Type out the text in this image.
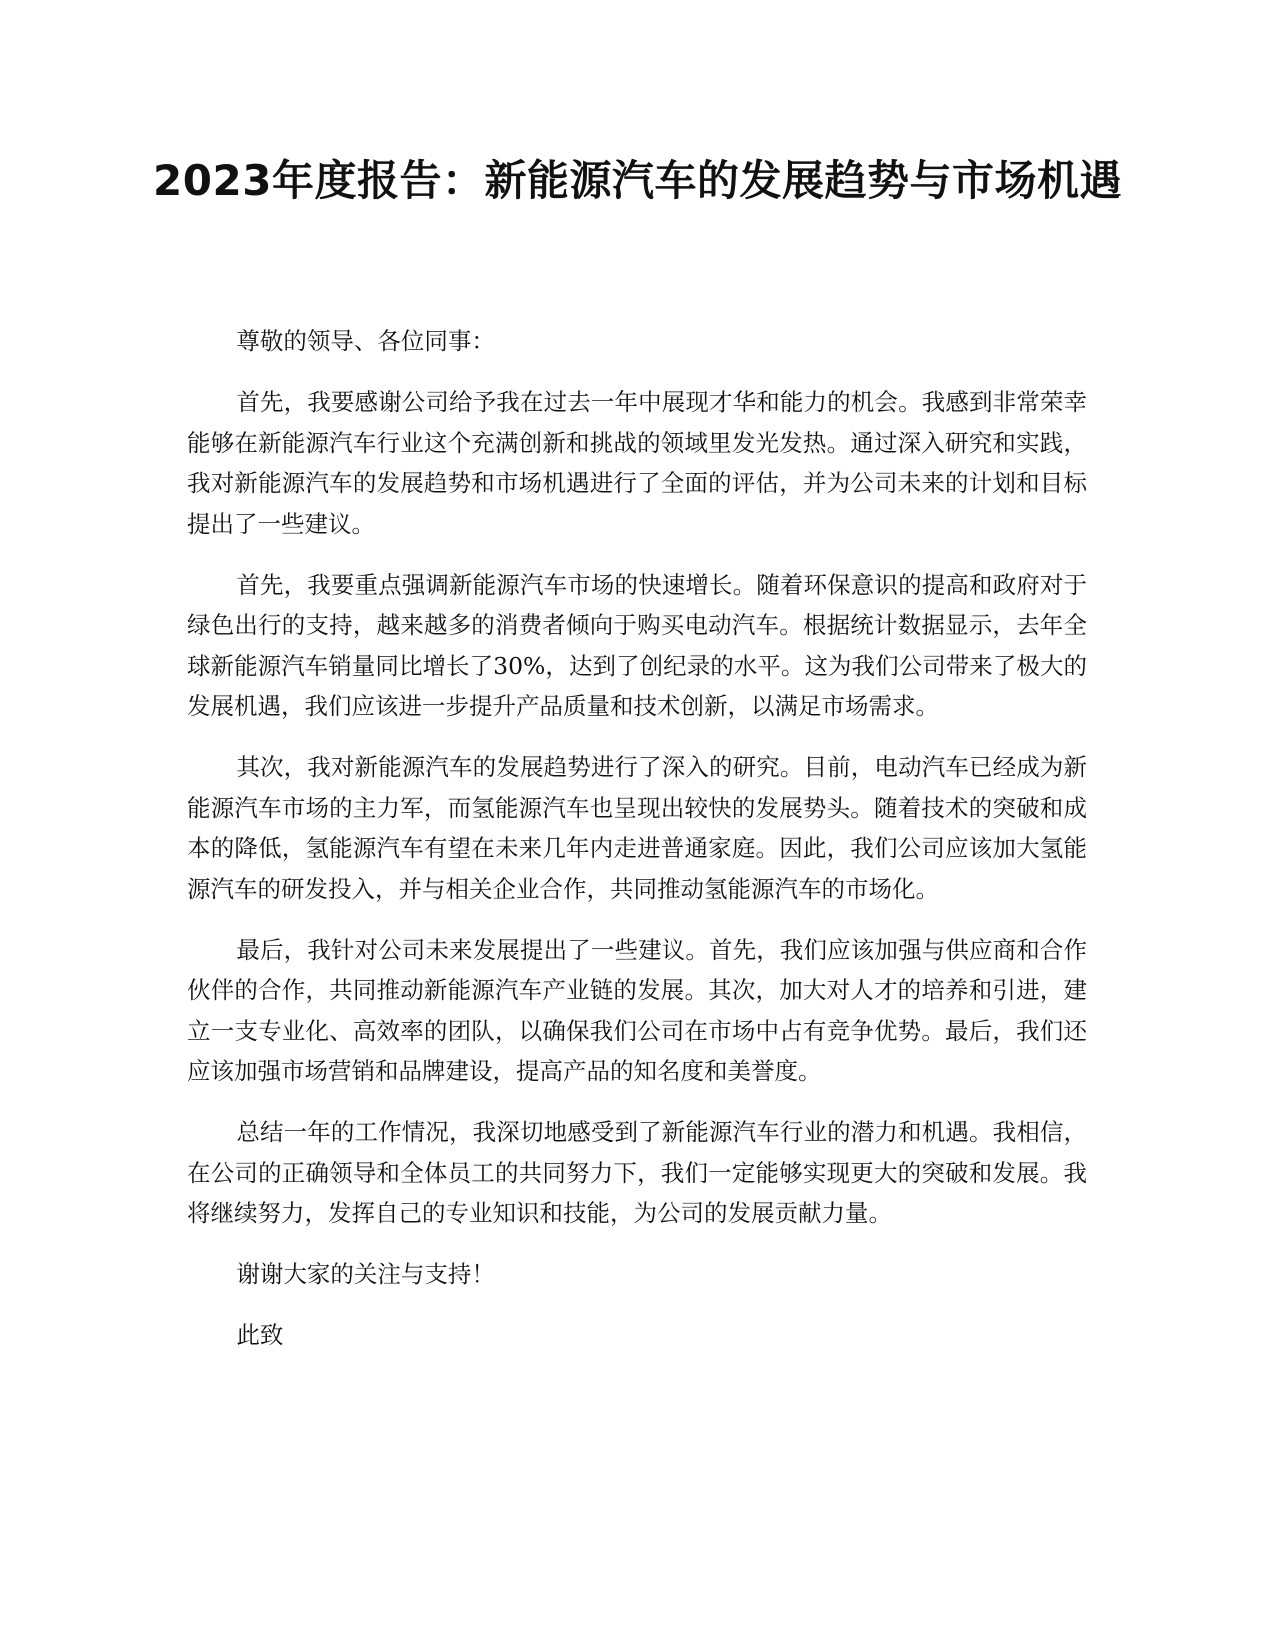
2023年度报告：新能源汽车的发展趋势与市场机遇

尊敬的领导、各位同事：

首先，我要感谢公司给予我在过去一年中展现才华和能力的机会。我感到非常荣幸能够在新能源汽车行业这个充满创新和挑战的领域里发光发热。通过深入研究和实践，我对新能源汽车的发展趋势和市场机遇进行了全面的评估，并为公司未来的计划和目标提出了一些建议。

首先，我要重点强调新能源汽车市场的快速增长。随着环保意识的提高和政府对于绿色出行的支持，越来越多的消费者倾向于购买电动汽车。根据统计数据显示，去年全球新能源汽车销量同比增长了30%，达到了创纪录的水平。这为我们公司带来了极大的发展机遇，我们应该进一步提升产品质量和技术创新，以满足市场需求。

其次，我对新能源汽车的发展趋势进行了深入的研究。目前，电动汽车已经成为新能源汽车市场的主力军，而氢能源汽车也呈现出较快的发展势头。随着技术的突破和成本的降低，氢能源汽车有望在未来几年内走进普通家庭。因此，我们公司应该加大氢能源汽车的研发投入，并与相关企业合作，共同推动氢能源汽车的市场化。

最后，我针对公司未来发展提出了一些建议。首先，我们应该加强与供应商和合作伙伴的合作，共同推动新能源汽车产业链的发展。其次，加大对人才的培养和引进，建立一支专业化、高效率的团队，以确保我们公司在市场中占有竞争优势。最后，我们还应该加强市场营销和品牌建设，提高产品的知名度和美誉度。

总结一年的工作情况，我深切地感受到了新能源汽车行业的潜力和机遇。我相信，在公司的正确领导和全体员工的共同努力下，我们一定能够实现更大的突破和发展。我将继续努力，发挥自己的专业知识和技能，为公司的发展贡献力量。

谢谢大家的关注与支持！

此致
